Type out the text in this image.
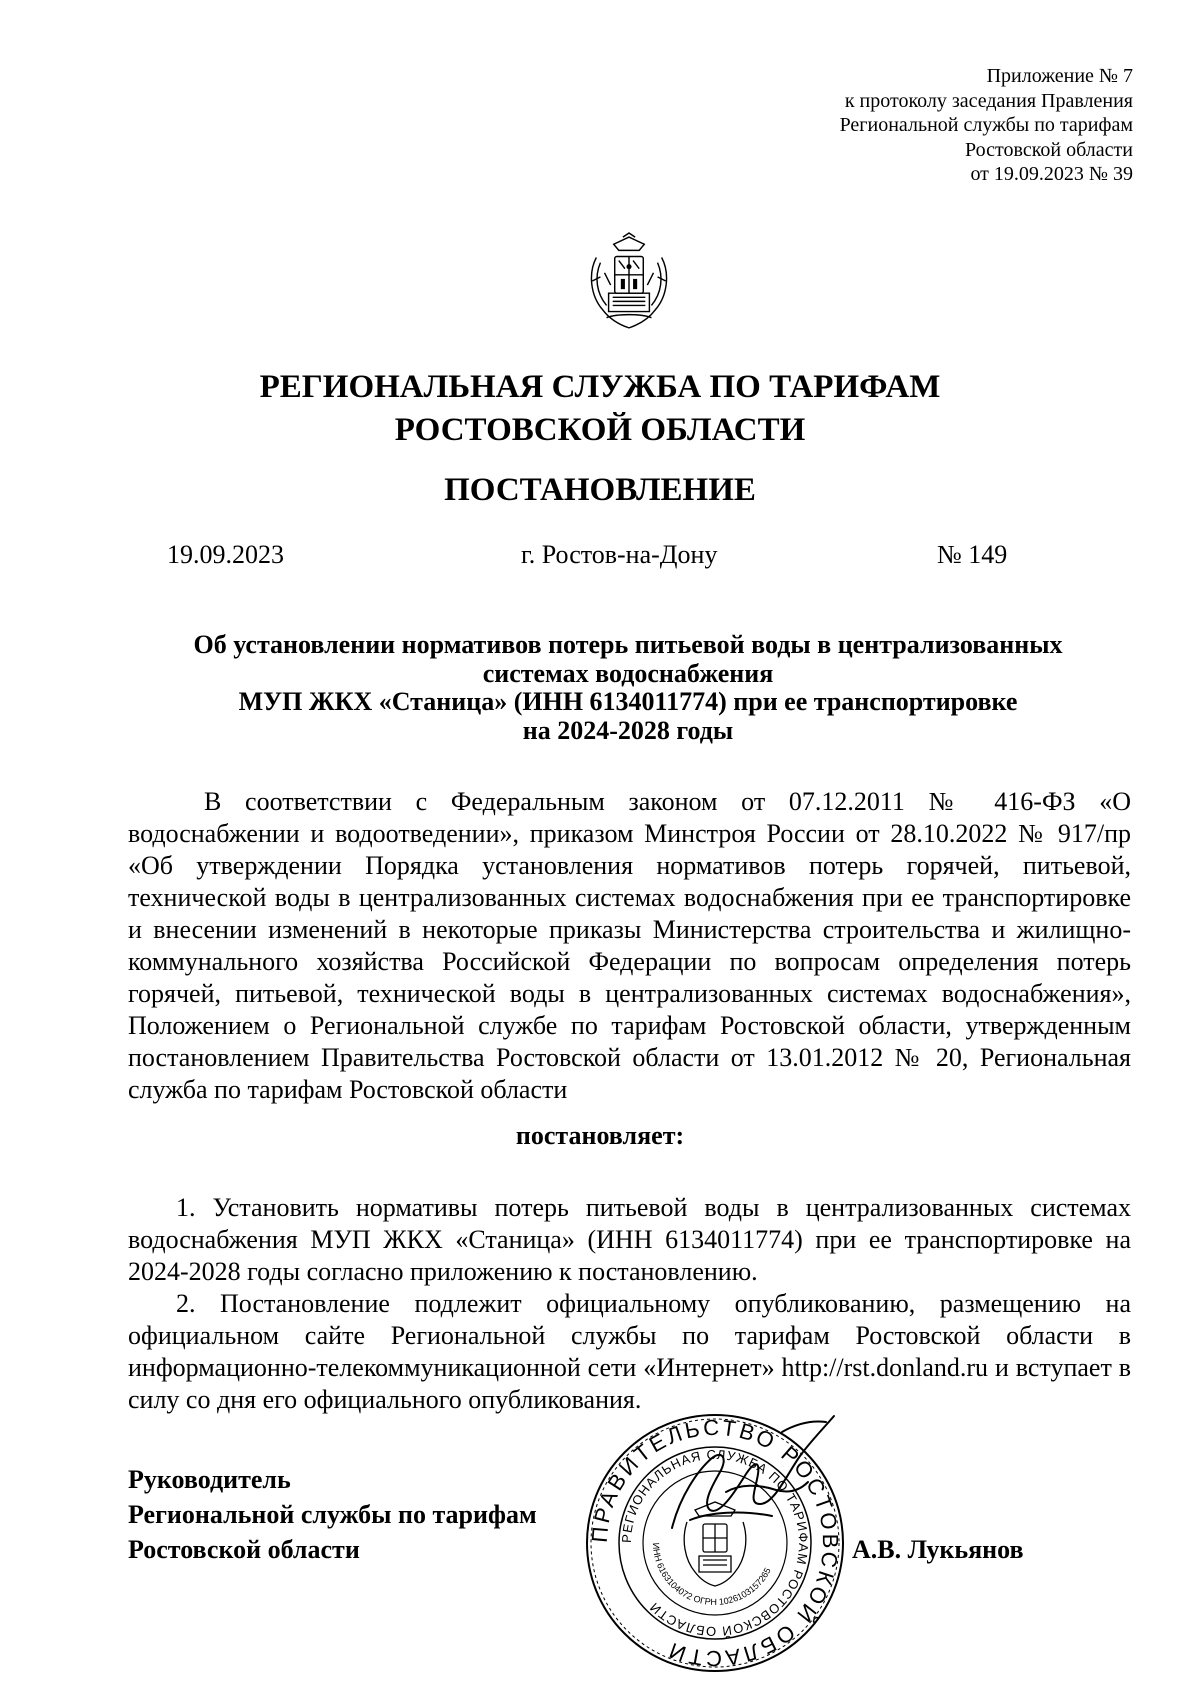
Приложение № 7
к протоколу заседания Правления
Региональной службы по тарифам
Ростовской области
от 19.09.2023 № 39
РЕГИОНАЛЬНАЯ СЛУЖБА ПО ТАРИФАМ
РОСТОВСКОЙ ОБЛАСТИ
ПОСТАНОВЛЕНИЕ
19.09.2023	г. Ростов-на-Дону	№ 149
Об установлении нормативов потерь питьевой воды в централизованных
системах водоснабжения
МУП ЖКХ «Станица» (ИНН 6134011774) при ее транспортировке
на 2024-2028 годы
В соответствии с Федеральным законом от 07.12.2011 № 416-ФЗ «О водоснабжении и водоотведении», приказом Минстроя России от 28.10.2022 № 917/пр «Об утверждении Порядка установления нормативов потерь горячей, питьевой, технической воды в централизованных системах водоснабжения при ее транспортировке и внесении изменений в некоторые приказы Министерства строительства и жилищно-коммунального хозяйства Российской Федерации по вопросам определения потерь горячей, питьевой, технической воды в централизованных системах водоснабжения», Положением о Региональной службе по тарифам Ростовской области, утвержденным постановлением Правительства Ростовской области от 13.01.2012 № 20, Региональная служба по тарифам Ростовской области
постановляет:

1. Установить нормативы потерь питьевой воды в централизованных системах водоснабжения МУП ЖКХ «Станица» (ИНН 6134011774) при ее транспортировке на 2024-2028 годы согласно приложению к постановлению.

2. Постановление подлежит официальному опубликованию, размещению на официальном сайте Региональной службы по тарифам Ростовской области в информационно-телекоммуникационной сети «Интернет» http://rst.donland.ru и вступает в силу со дня его официального опубликования.

Руководитель
Региональной службы по тарифам
Ростовской области
ПРАВИТЕЛЬСТВО РОСТОВСКОЙ ОБЛАСТИ
РЕГИОНАЛЬНАЯ СЛУЖБА ПО ТАРИФАМ РОСТОВСКОЙ ОБЛАСТИ
ИНН 6163104072 ОГРН 1026103157265
А.В. Лукьянов
